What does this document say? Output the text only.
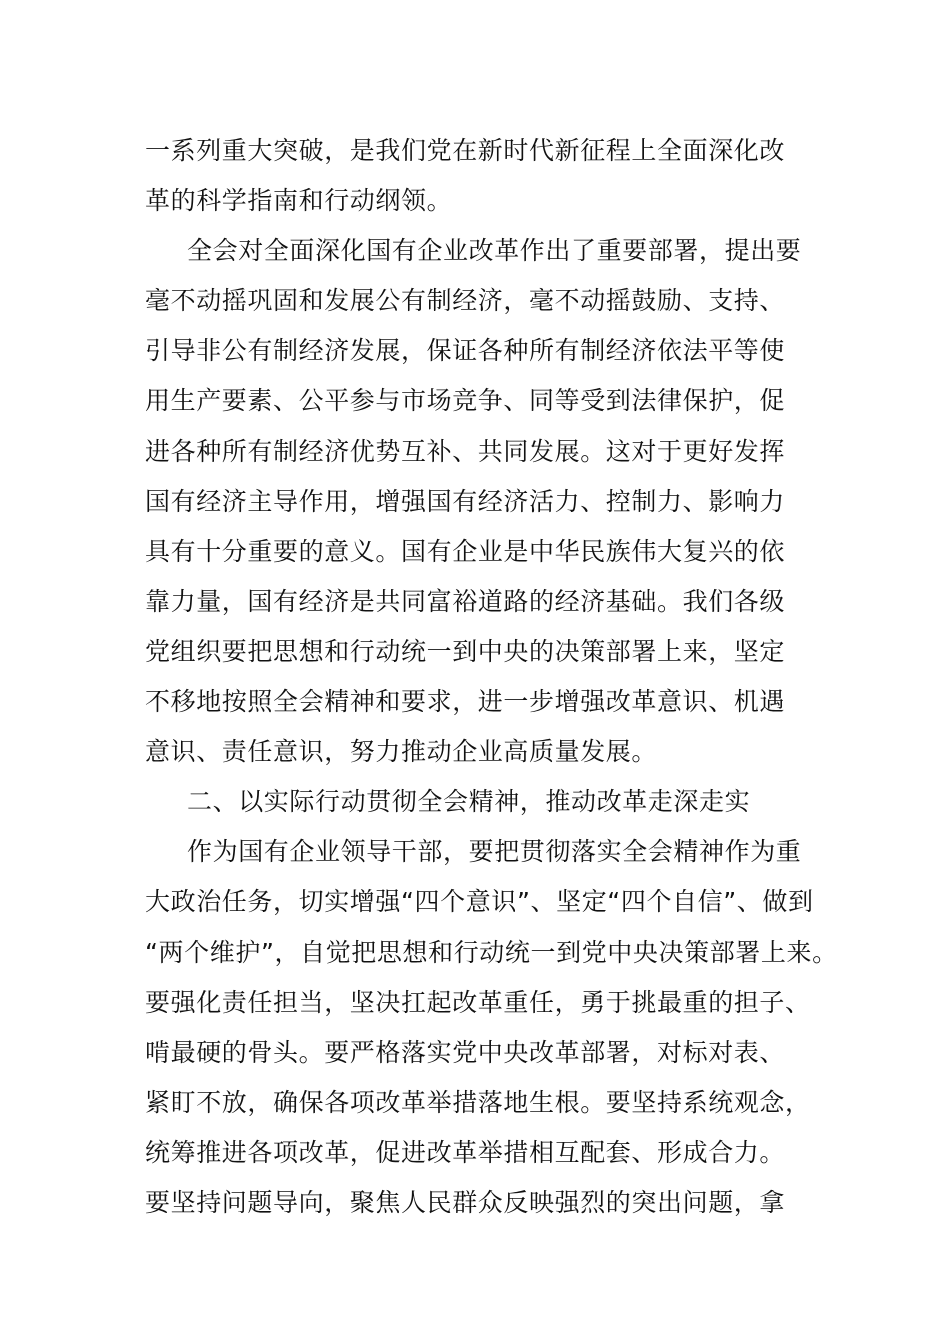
一系列重大突破，是我们党在新时代新征程上全面深化改
革的科学指南和行动纲领。
全会对全面深化国有企业改革作出了重要部署，提出要
毫不动摇巩固和发展公有制经济，毫不动摇鼓励、支持、
引导非公有制经济发展，保证各种所有制经济依法平等使
用生产要素、公平参与市场竞争、同等受到法律保护，促
进各种所有制经济优势互补、共同发展。这对于更好发挥
国有经济主导作用，增强国有经济活力、控制力、影响力
具有十分重要的意义。国有企业是中华民族伟大复兴的依
靠力量，国有经济是共同富裕道路的经济基础。我们各级
党组织要把思想和行动统一到中央的决策部署上来，坚定
不移地按照全会精神和要求，进一步增强改革意识、机遇
意识、责任意识，努力推动企业高质量发展。
二、以实际行动贯彻全会精神，推动改革走深走实
作为国有企业领导干部，要把贯彻落实全会精神作为重
大政治任务，切实增强“四个意识”、坚定“四个自信”、做到
“两个维护”，自觉把思想和行动统一到党中央决策部署上来。
要强化责任担当，坚决扛起改革重任，勇于挑最重的担子、
啃最硬的骨头。要严格落实党中央改革部署，对标对表、
紧盯不放，确保各项改革举措落地生根。要坚持系统观念，
统筹推进各项改革，促进改革举措相互配套、形成合力。
要坚持问题导向，聚焦人民群众反映强烈的突出问题，拿
